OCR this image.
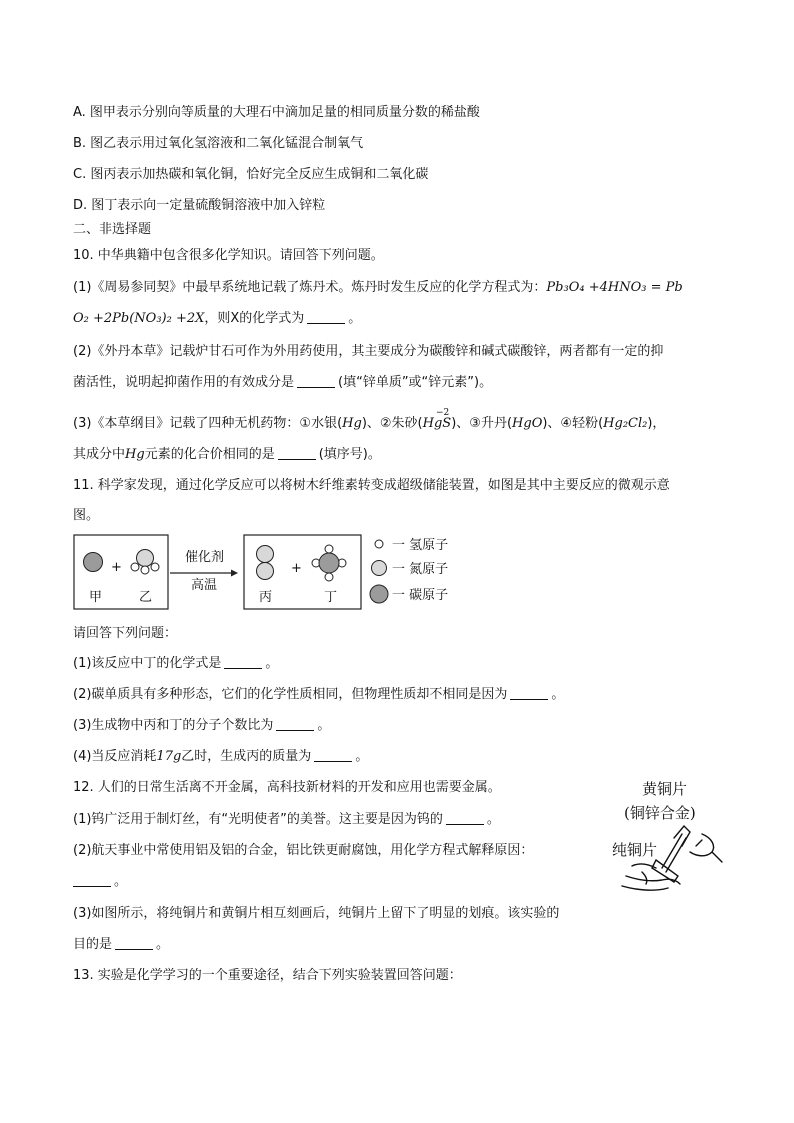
A. 图甲表示分别向等质量的大理石中滴加足量的相同质量分数的稀盐酸
B. 图乙表示用过氧化氢溶液和二氧化锰混合制氧气
C. 图丙表示加热碳和氧化铜，恰好完全反应生成铜和二氧化碳
D. 图丁表示向一定量硫酸铜溶液中加入锌粒
二、非选择题
10. 中华典籍中包含很多化学知识。请回答下列问题。
(1)《周易参同契》中最早系统地记载了炼丹术。炼丹时发生反应的化学方程式为：Pb₃O₄ +4HNO₃ = Pb
O₂ +2Pb(NO₃)₂ +2X，则X的化学式为	。
(2)《外丹本草》记载炉甘石可作为外用药使用，其主要成分为碳酸锌和碱式碳酸锌，两者都有一定的抑
菌活性，说明起抑菌作用的有效成分是	(填“锌单质”或“锌元素”)。
(3)《本草纲目》记载了四种无机药物：①水银(Hg)、②朱砂(
−2
HgS)、③升丹(HgO)、④轻粉(Hg₂Cl₂)，
其成分中Hg元素的化合价相同的是	(填序号)。
11. 科学家发现，通过化学反应可以将树木纤维素转变成超级储能装置，如图是其中主要反应的微观示意
图。
+
甲	乙
催化剂
高温
+
丙	丁
一 氢原子
一 氮原子
一 碳原子
请回答下列问题：
(1)该反应中丁的化学式是	。
(2)碳单质具有多种形态，它们的化学性质相同，但物理性质却不相同是因为	。
(3)生成物中丙和丁的分子个数比为	。
(4)当反应消耗17g乙时，生成丙的质量为	。
12. 人们的日常生活离不开金属，高科技新材料的开发和应用也需要金属。
(1)钨广泛用于制灯丝，有“光明使者”的美誉。这主要是因为钨的	。
(2)航天事业中常使用铝及铝的合金，铝比铁更耐腐蚀，用化学方程式解释原因：
。
(3)如图所示，将纯铜片和黄铜片相互刻画后，纯铜片上留下了明显的划痕。该实验的
目的是	。
黄铜片
(铜锌合金)
纯铜片
13. 实验是化学学习的一个重要途径，结合下列实验装置回答问题：
